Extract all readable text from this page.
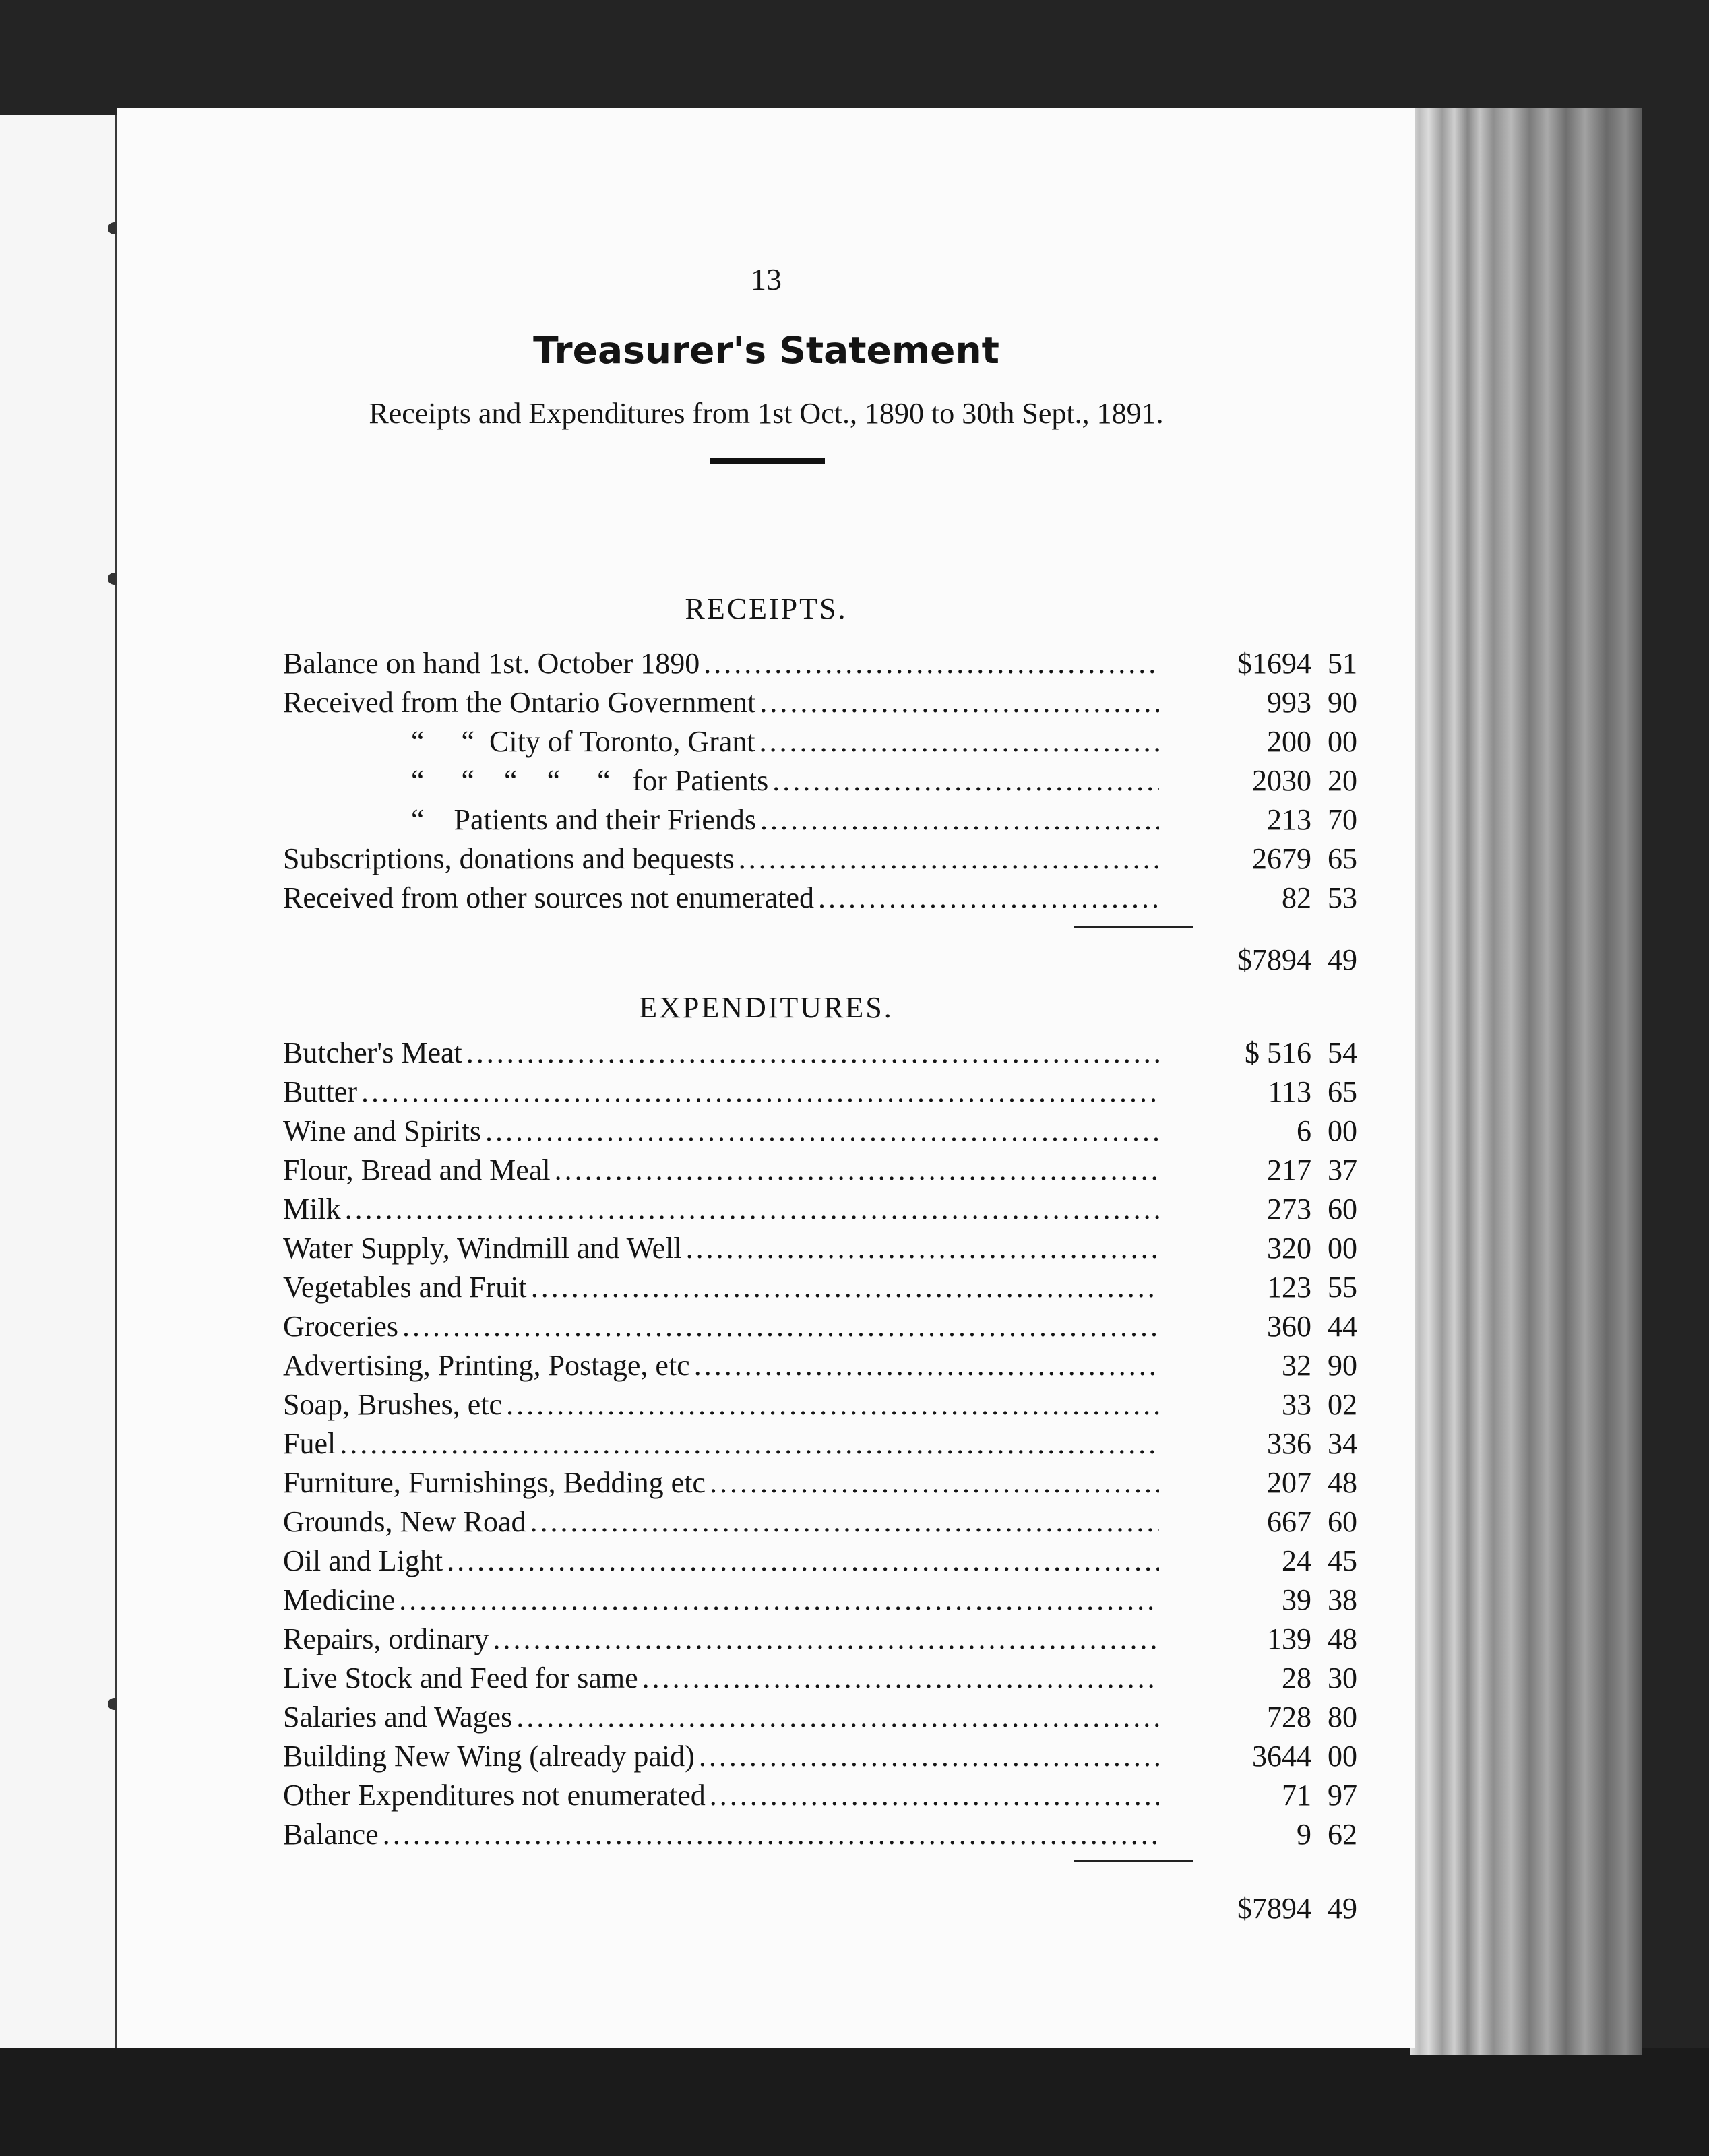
13
Treasurer's Statement
Receipts and Expenditures from 1st Oct., 1890 to 30th Sept., 1891.
RECEIPTS.
Balance on hand 1st. October 1890 .....	$1694 51
Received from the Ontario Government .....	993 90
“     “  City of Toronto, Grant .....	200 00
“     “    “    “     “   for Patients .....	2030 20
“    Patients and their Friends .....	213 70
Subscriptions, donations and bequests .....	2679 65
Received from other sources not enumerated .....	82 53
$7894 49
EXPENDITURES.
Butcher's Meat .....	$ 516 54
Butter .....	113 65
Wine and Spirits .....	6 00
Flour, Bread and Meal .....	217 37
Milk .....	273 60
Water Supply, Windmill and Well .....	320 00
Vegetables and Fruit .....	123 55
Groceries .....	360 44
Advertising, Printing, Postage, etc .....	32 90
Soap, Brushes, etc .....	33 02
Fuel .....	336 34
Furniture, Furnishings, Bedding etc .....	207 48
Grounds, New Road .....	667 60
Oil and Light .....	24 45
Medicine .....	39 38
Repairs, ordinary .....	139 48
Live Stock and Feed for same .....	28 30
Salaries and Wages .....	728 80
Building New Wing (already paid) .....	3644 00
Other Expenditures not enumerated .....	71 97
Balance .....	9 62
$7894 49
